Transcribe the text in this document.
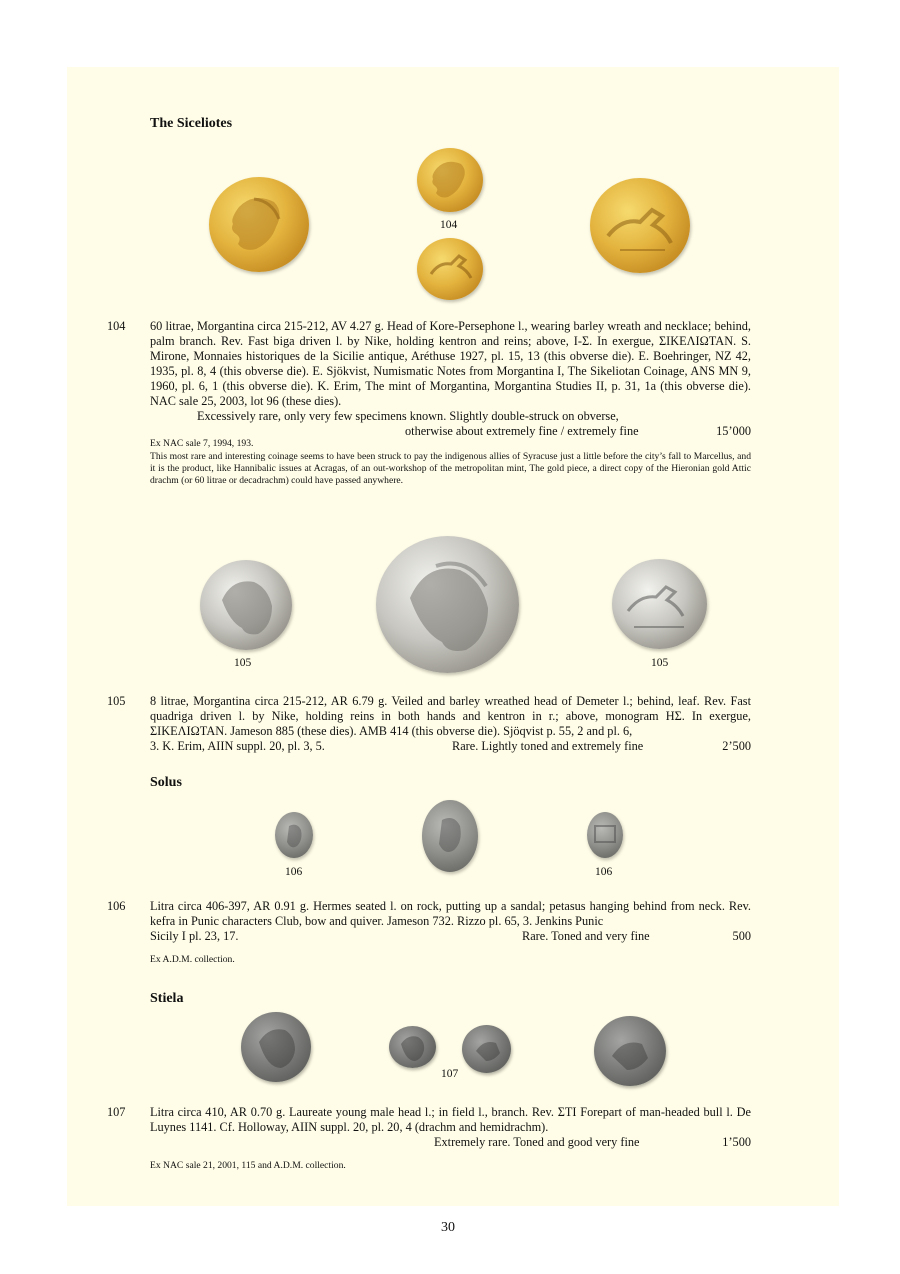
The Siceliotes
104
104 60 litrae, Morgantina circa 215-212, AV 4.27 g. Head of Kore-Persephone l., wearing barley wreath and necklace; behind, palm branch. Rev. Fast biga driven l. by Nike, holding kentron and reins; above, I-Σ. In exergue, ΣΙΚΕΛΙΩΤΑΝ. S. Mirone, Monnaies historiques de la Sicilie antique, Aréthuse 1927, pl. 15, 13 (this obverse die). E. Boehringer, NZ 42, 1935, pl. 8, 4 (this obverse die). E. Sjökvist, Numismatic Notes from Morgantina I, The Sikeliotan Coinage, ANS MN 9, 1960, pl. 6, 1 (this obverse die). K. Erim, The mint of Morgantina, Morgantina Studies II, p. 31, 1a (this obverse die). NAC sale 25, 2003, lot 96 (these dies).
Excessively rare, only very few specimens known. Slightly double-struck on obverse,
otherwise about extremely fine / extremely fine	15’000
Ex NAC sale 7, 1994, 193.
This most rare and interesting coinage seems to have been struck to pay the indigenous allies of Syracuse just a little before the city’s fall to Marcellus, and it is the product, like Hannibalic issues at Acragas, of an out-workshop of the metropolitan mint, The gold piece, a direct copy of the Hieronian gold Attic drachm (or 60 litrae or decadrachm) could have passed anywhere.
105	105
105 8 litrae, Morgantina circa 215-212, AR 6.79 g. Veiled and barley wreathed head of Demeter l.; behind, leaf. Rev. Fast quadriga driven l. by Nike, holding reins in both hands and kentron in r.; above, monogram HΣ. In exergue, ΣΙΚΕΛΙΩΤΑΝ. Jameson 885 (these dies). AMB 414 (this obverse die). Sjöqvist p. 55, 2 and pl. 6,
3. K. Erim, AIIN suppl. 20, pl. 3, 5.	Rare. Lightly toned and extremely fine	2’500
Solus
106	106
106 Litra circa 406-397, AR 0.91 g. Hermes seated l. on rock, putting up a sandal; petasus hanging behind from neck. Rev. kefra in Punic characters Club, bow and quiver. Jameson 732. Rizzo pl. 65, 3. Jenkins Punic
Sicily I pl. 23, 17.	Rare. Toned and very fine	500
Ex A.D.M. collection.
Stiela
107
107 Litra circa 410, AR 0.70 g. Laureate young male head l.; in field l., branch. Rev. ΣΤΙ Forepart of man-headed bull l. De Luynes 1141. Cf. Holloway, AIIN suppl. 20, pl. 20, 4 (drachm and hemidrachm).
Extremely rare. Toned and good very fine	1’500
Ex NAC sale 21, 2001, 115 and A.D.M. collection.
30
